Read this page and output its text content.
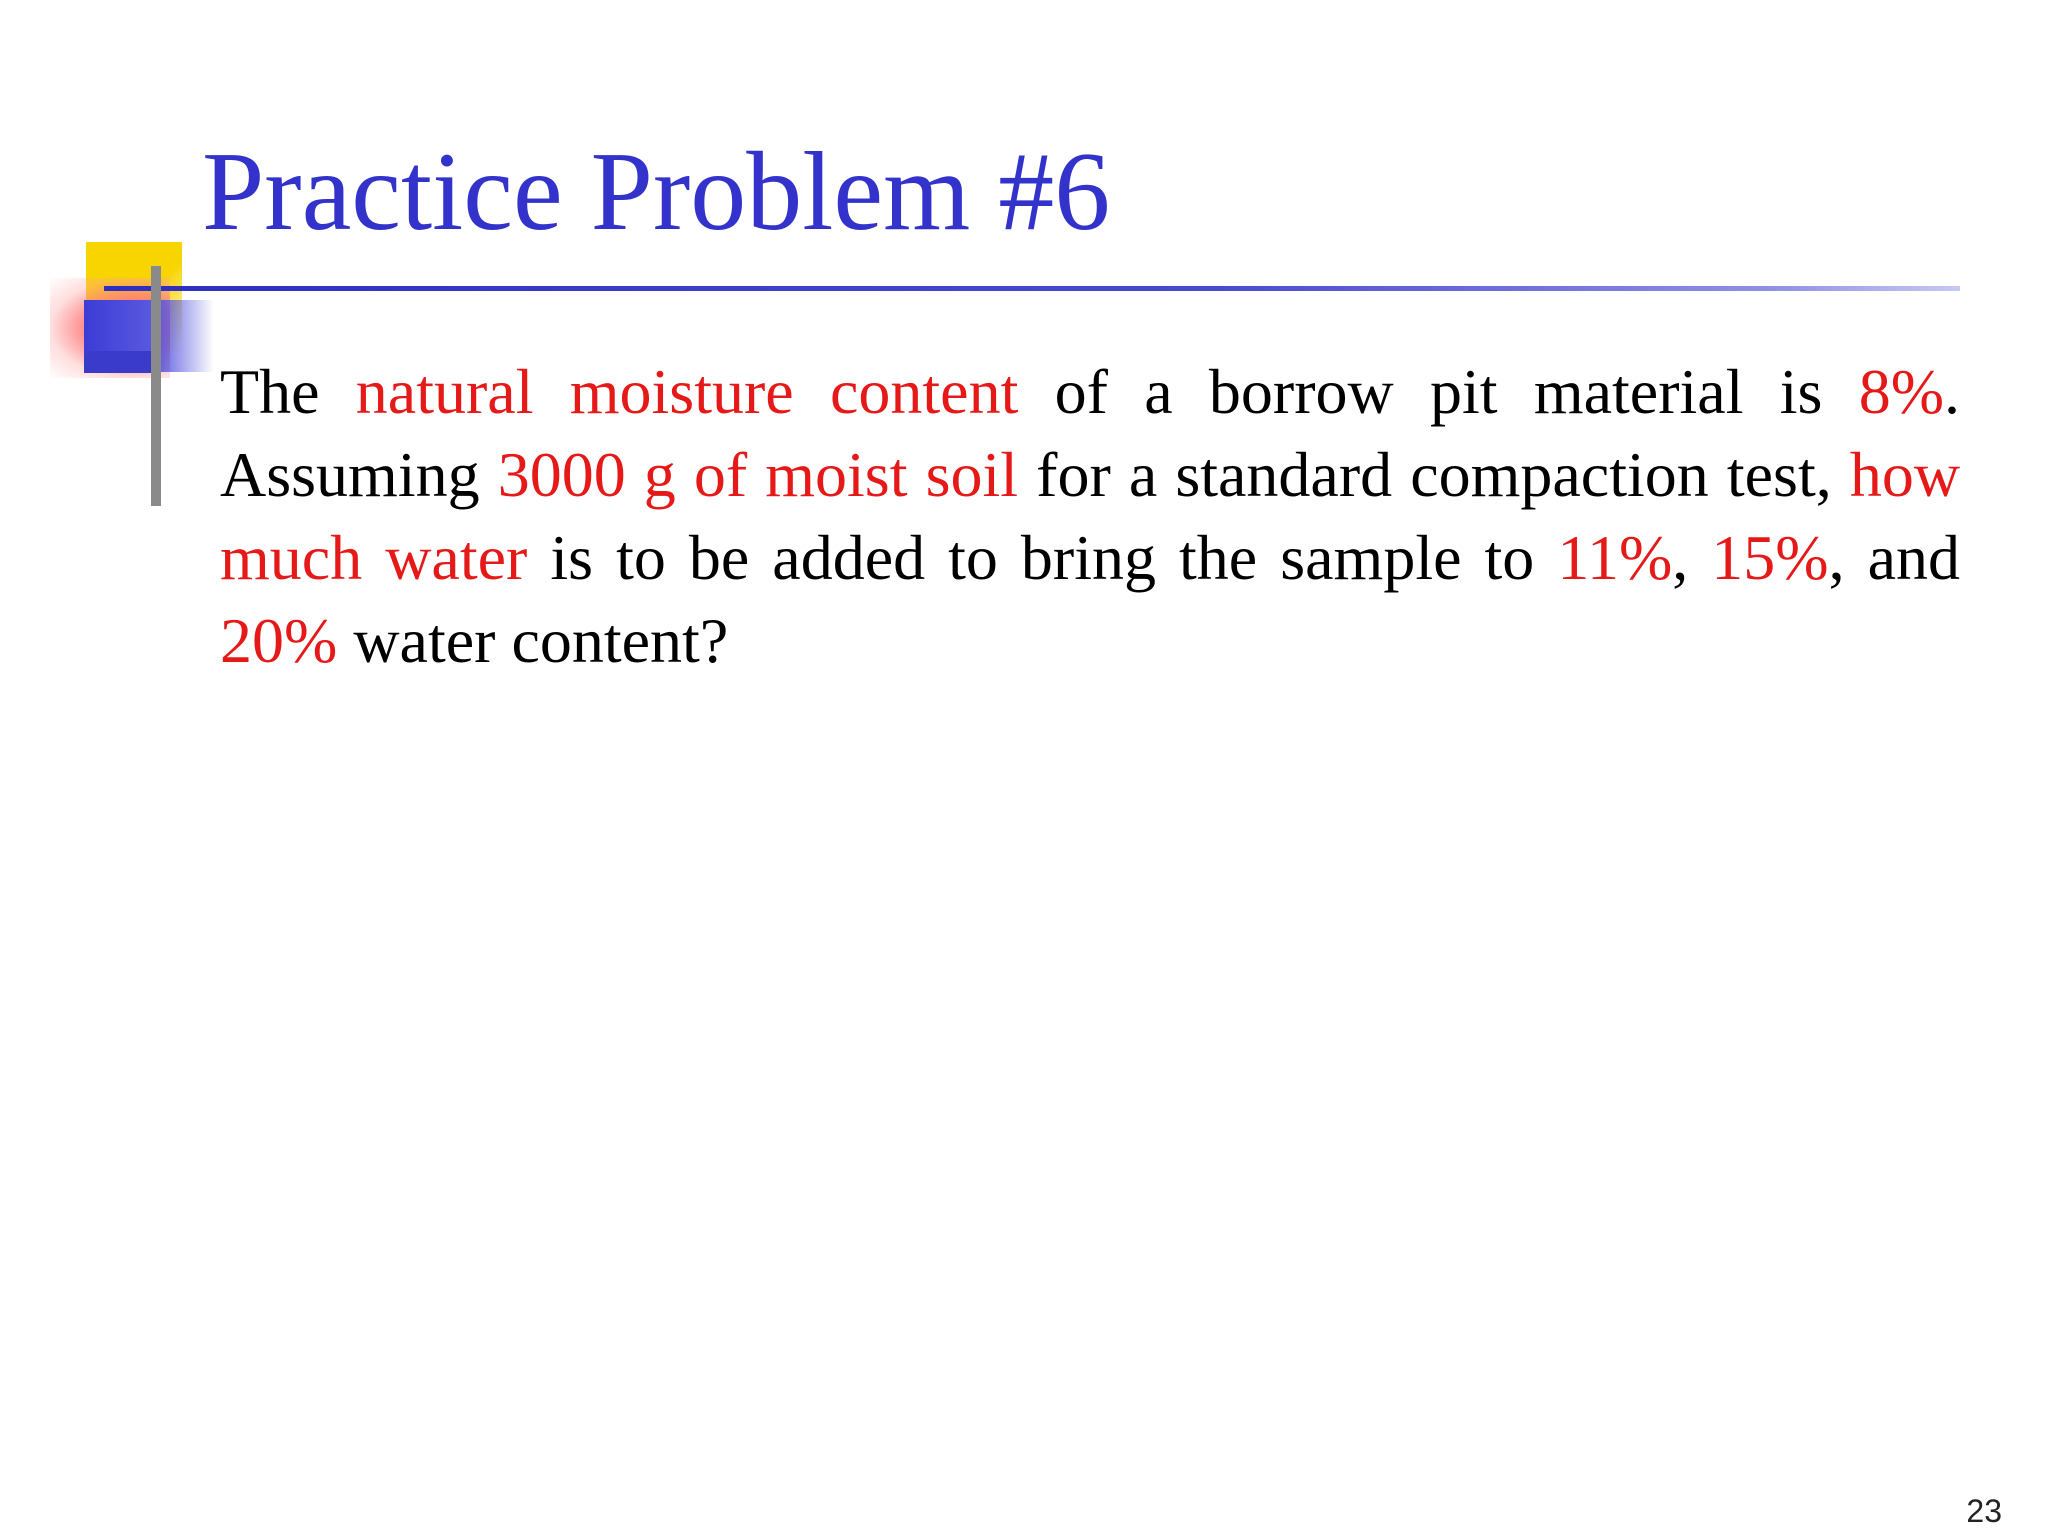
Practice Problem #6

The natural moisture content of a borrow pit material is 8%. Assuming 3000 g of moist soil for a standard compaction test, how much water is to be added to bring the sample to 11%, 15%, and 20% water content?

23
